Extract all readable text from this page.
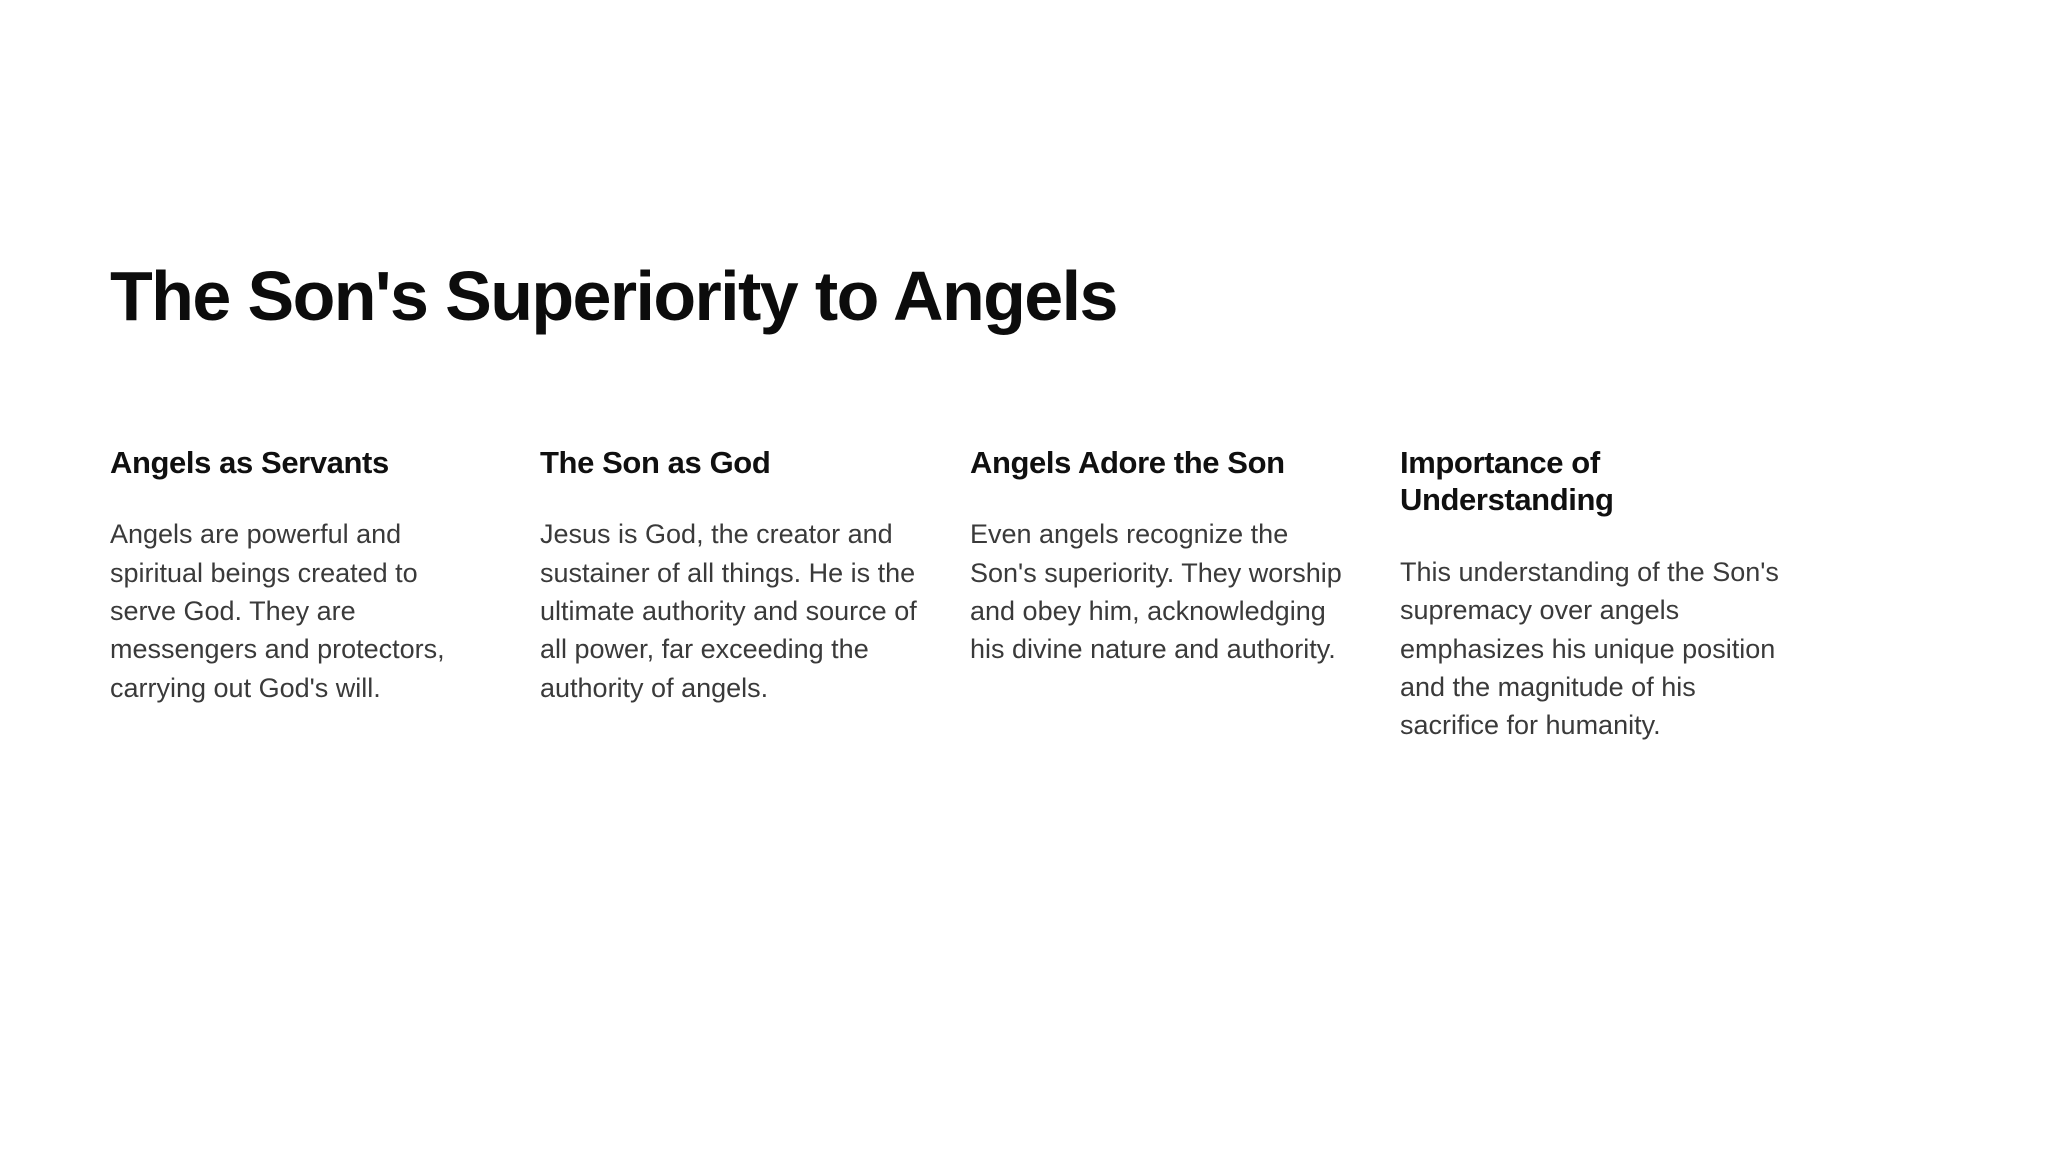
The Son's Superiority to Angels
Angels as Servants

Angels are powerful and spiritual beings created to serve God. They are messengers and protectors, carrying out God's will.

The Son as God

Jesus is God, the creator and sustainer of all things. He is the ultimate authority and source of all power, far exceeding the authority of angels.

Angels Adore the Son

Even angels recognize the Son's superiority. They worship and obey him, acknowledging his divine nature and authority.

Importance of Understanding

This understanding of the Son's supremacy over angels emphasizes his unique position and the magnitude of his sacrifice for humanity.
